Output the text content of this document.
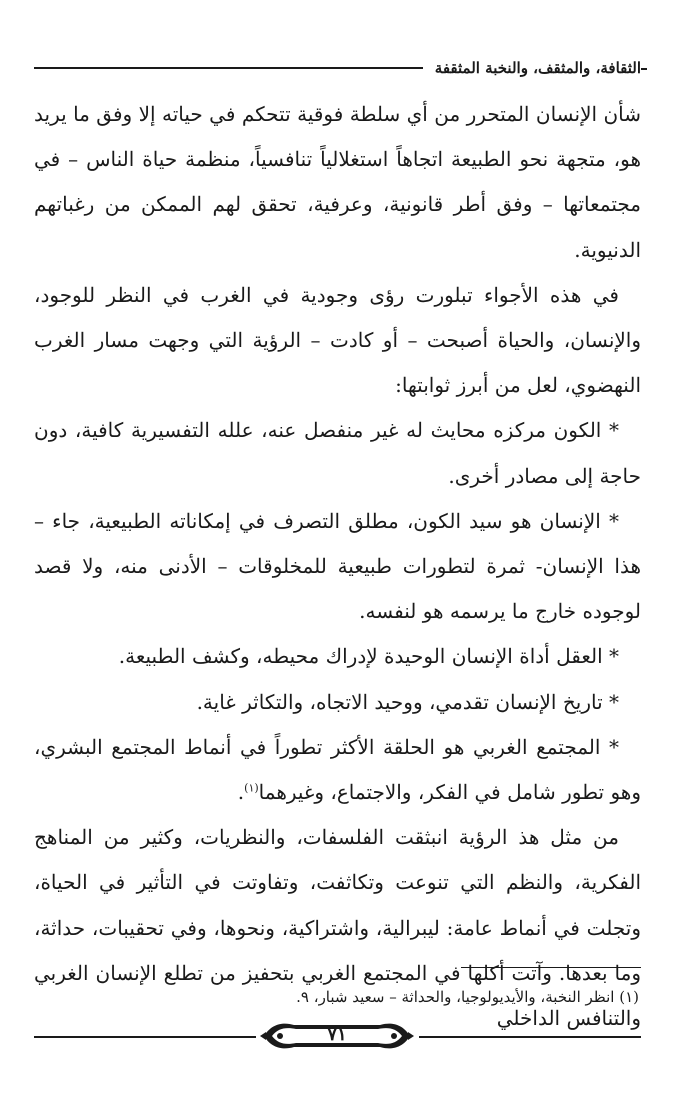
الثقافة، والمثقف، والنخبة المثقفة

شأن الإنسان المتحرر من أي سلطة فوقية تتحكم في حياته إلا وفق ما يريد هو، متجهة نحو الطبيعة اتجاهاً استغلالياً تنافسياً، منظمة حياة الناس – في مجتمعاتها – وفق أطر قانونية، وعرفية، تحقق لهم الممكن من رغباتهم الدنيوية.

في هذه الأجواء تبلورت رؤى وجودية في الغرب في النظر للوجود، والإنسان، والحياة أصبحت – أو كادت – الرؤية التي وجهت مسار الغرب النهضوي، لعل من أبرز ثوابتها:

* الكون مركزه محايث له غير منفصل عنه، علله التفسيرية كافية، دون حاجة إلى مصادر أخرى.

* الإنسان هو سيد الكون، مطلق التصرف في إمكاناته الطبيعية، جاء – هذا الإنسان- ثمرة لتطورات طبيعية للمخلوقات – الأدنى منه، ولا قصد لوجوده خارج ما يرسمه هو لنفسه.

* العقل أداة الإنسان الوحيدة لإدراك محيطه، وكشف الطبيعة.

* تاريخ الإنسان تقدمي، ووحيد الاتجاه، والتكاثر غاية.

* المجتمع الغربي هو الحلقة الأكثر تطوراً في أنماط المجتمع البشري، وهو تطور شامل في الفكر، والاجتماع، وغيرهما$^{(١)}$.

من مثل هذ الرؤية انبثقت الفلسفات، والنظريات، وكثير من المناهج الفكرية، والنظم التي تنوعت وتكاثفت، وتفاوتت في التأثير في الحياة، وتجلت في أنماط عامة: ليبرالية، واشتراكية، ونحوها، وفي تحقيبات، حداثة، وما بعدها. وآتت أكلها في المجتمع الغربي بتحفيز من تطلع الإنسان الغربي والتنافس الداخلي

(١) انظر النخبة، والأيديولوجيا، والحداثة – سعيد شبار، ٩.
٧١
